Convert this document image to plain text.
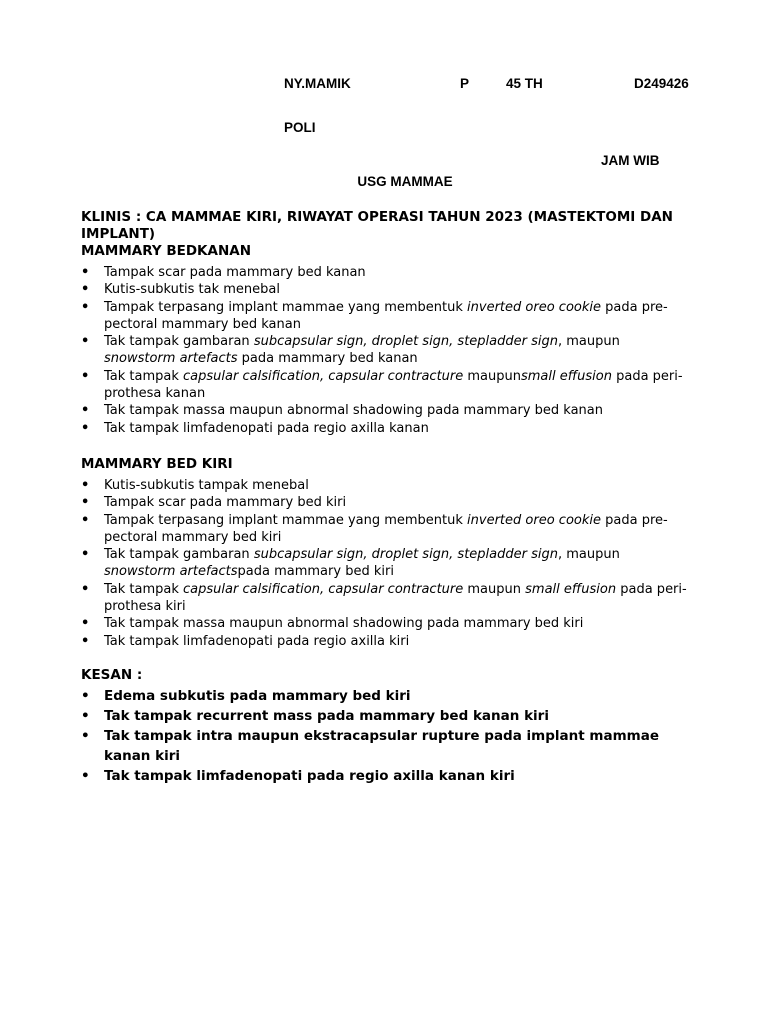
NY.MAMIK	P	45 TH	D249426
POLI
JAM WIB
USG MAMMAE

KLINIS : CA MAMMAE KIRI, RIWAYAT OPERASI TAHUN 2023 (MASTEKTOMI DAN IMPLANT)

MAMMARY BEDKANAN

• Tampak scar pada mammary bed kanan
• Kutis-subkutis tak menebal
• Tampak terpasang implant mammae yang membentuk inverted oreo cookie pada pre-pectoral mammary bed kanan
• Tak tampak gambaran subcapsular sign, droplet sign, stepladder sign, maupun snowstorm artefacts pada mammary bed kanan
• Tak tampak capsular calsification, capsular contracture maupunsmall effusion pada peri-prothesa kanan
• Tak tampak massa maupun abnormal shadowing pada mammary bed kanan
• Tak tampak limfadenopati pada regio axilla kanan

MAMMARY BED KIRI

• Kutis-subkutis tampak menebal
• Tampak scar pada mammary bed kiri
• Tampak terpasang implant mammae yang membentuk inverted oreo cookie pada pre-pectoral mammary bed kiri
• Tak tampak gambaran subcapsular sign, droplet sign, stepladder sign, maupun snowstorm artefactspada mammary bed kiri
• Tak tampak capsular calsification, capsular contracture maupun small effusion pada peri-prothesa kiri
• Tak tampak massa maupun abnormal shadowing pada mammary bed kiri
• Tak tampak limfadenopati pada regio axilla kiri

KESAN :

• Edema subkutis pada mammary bed kiri
• Tak tampak recurrent mass pada mammary bed kanan kiri
• Tak tampak intra maupun ekstracapsular rupture pada implant mammae kanan kiri
• Tak tampak limfadenopati pada regio axilla kanan kiri
